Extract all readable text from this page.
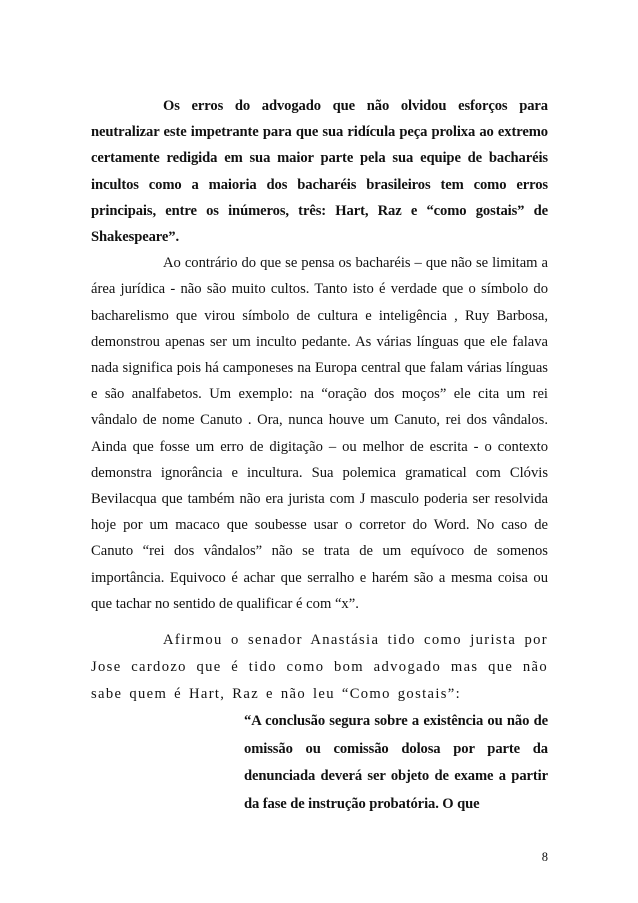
Os erros do advogado que não olvidou esforços para neutralizar este impetrante para que sua ridícula peça prolixa ao extremo certamente redigida em sua maior parte pela sua equipe de bacharéis incultos como a maioria dos bacharéis brasileiros tem como erros principais, entre os inúmeros, três: Hart, Raz e “como gostais” de Shakespeare”.

Ao contrário do que se pensa os bacharéis – que não se limitam a área jurídica - não são muito cultos. Tanto isto é verdade que o símbolo do bacharelismo que virou símbolo de cultura e inteligência , Ruy Barbosa, demonstrou apenas ser um inculto pedante. As várias línguas que ele falava nada significa pois há camponeses na Europa central que falam várias línguas e são analfabetos. Um exemplo: na “oração dos moços” ele cita um rei vândalo de nome Canuto . Ora, nunca houve um Canuto, rei dos vândalos. Ainda que fosse um erro de digitação – ou melhor de escrita - o contexto demonstra ignorância e incultura. Sua polemica gramatical com Clóvis Bevilacqua que também não era jurista com J masculo poderia ser resolvida hoje por um macaco que soubesse usar o corretor do Word. No caso de Canuto “rei dos vândalos” não se trata de um equívoco de somenos importância. Equivoco é achar que serralho e harém são a mesma coisa ou que tachar no sentido de qualificar é com “x”.

Afirmou o senador Anastásia tido como jurista por Jose cardozo que é tido como bom advogado mas que não sabe quem é Hart, Raz e não leu “Como gostais”:

“A conclusão segura sobre a existência ou não de omissão ou comissão dolosa por parte da denunciada deverá ser objeto de exame a partir da fase de instrução probatória. O que

8
